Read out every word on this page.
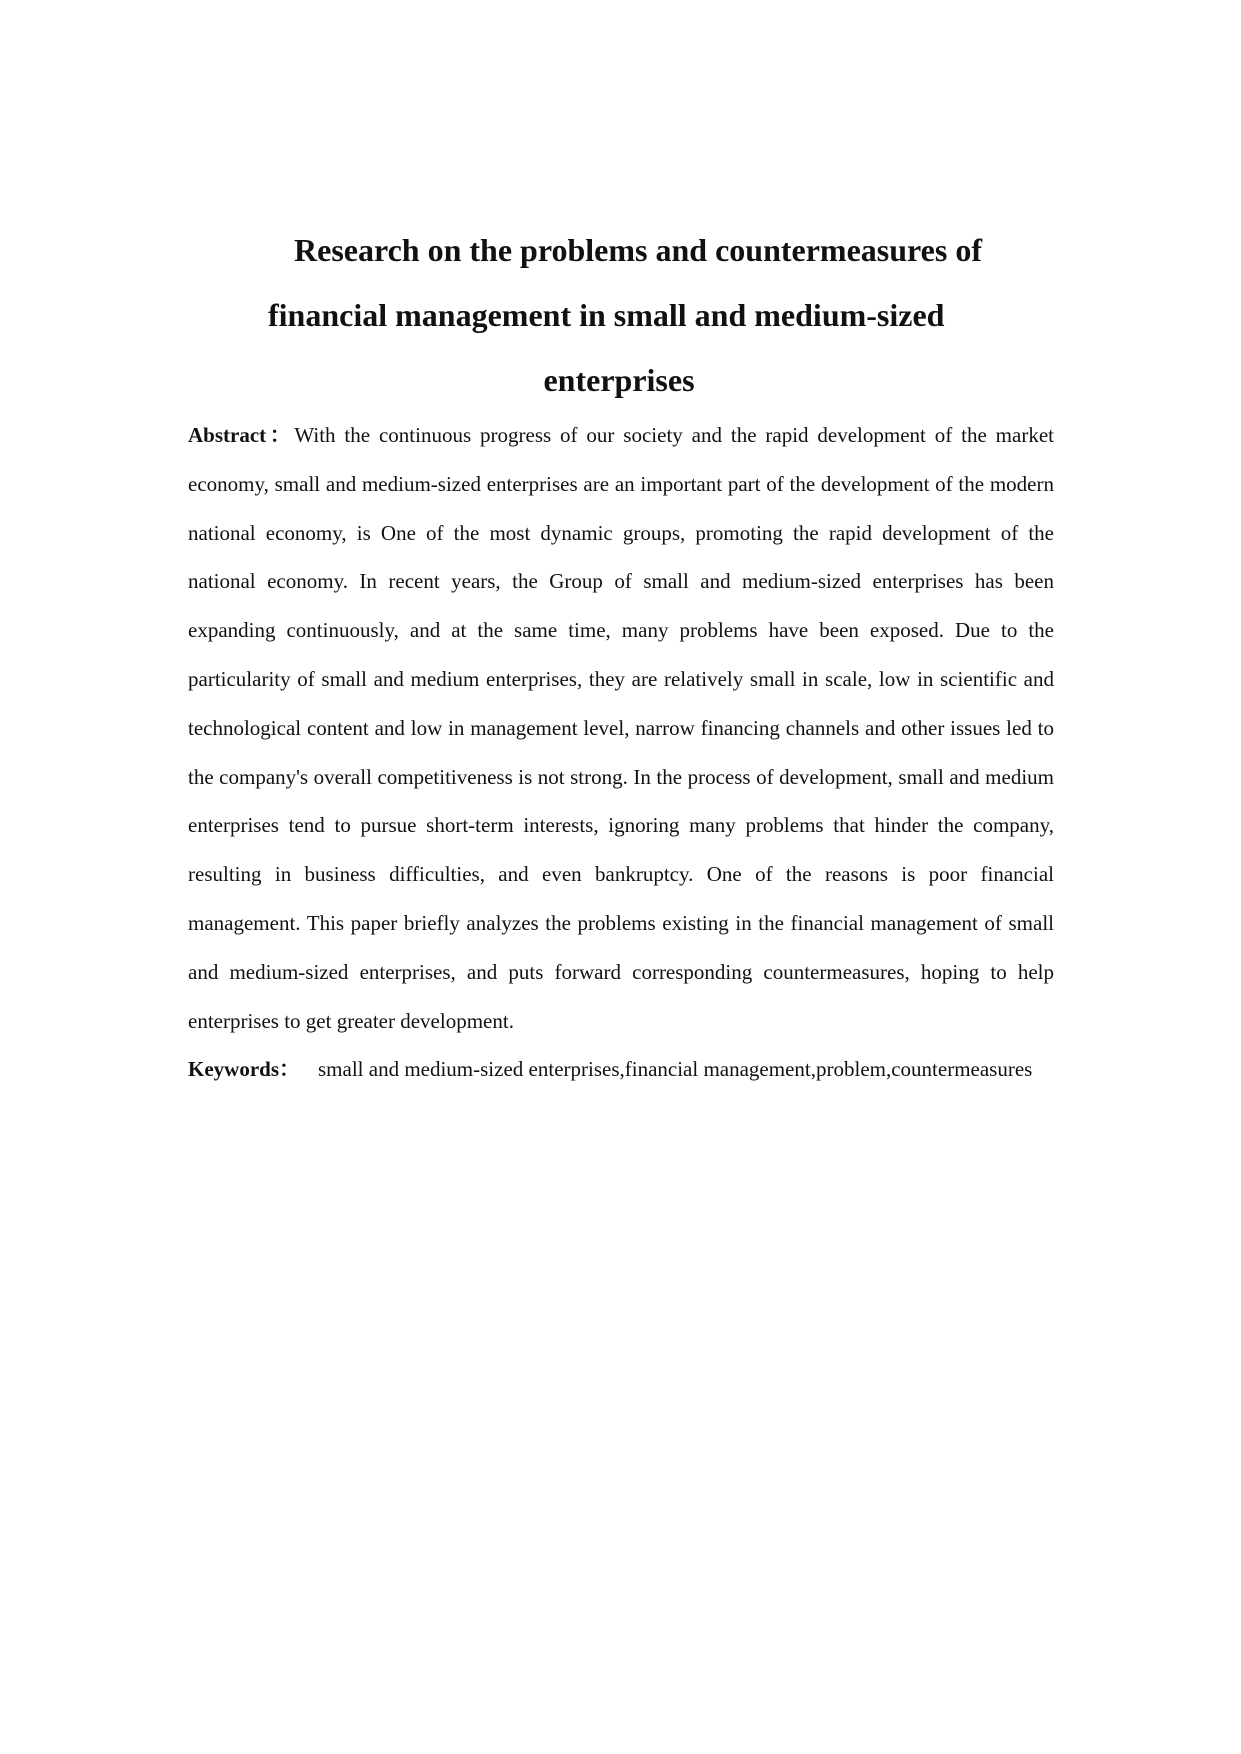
Research on the problems and countermeasures of
financial management in small and medium-sized
enterprises

Abstract：With the continuous progress of our society and the rapid development of the market economy, small and medium-sized enterprises are an important part of the development of the modern national economy, is One of the most dynamic groups, promoting the rapid development of the national economy. In recent years, the Group of small and medium-sized enterprises has been expanding continuously, and at the same time, many problems have been exposed. Due to the particularity of small and medium enterprises, they are relatively small in scale, low in scientific and technological content and low in management level, narrow financing channels and other issues led to the company's overall competitiveness is not strong. In the process of development, small and medium enterprises tend to pursue short-term interests, ignoring many problems that hinder the company, resulting in business difficulties, and even bankruptcy. One of the reasons is poor financial management. This paper briefly analyzes the problems existing in the financial management of small and medium-sized enterprises, and puts forward corresponding countermeasures, hoping to help enterprises to get greater development.

Keywords： small and medium-sized enterprises,financial management,problem,countermeasures
